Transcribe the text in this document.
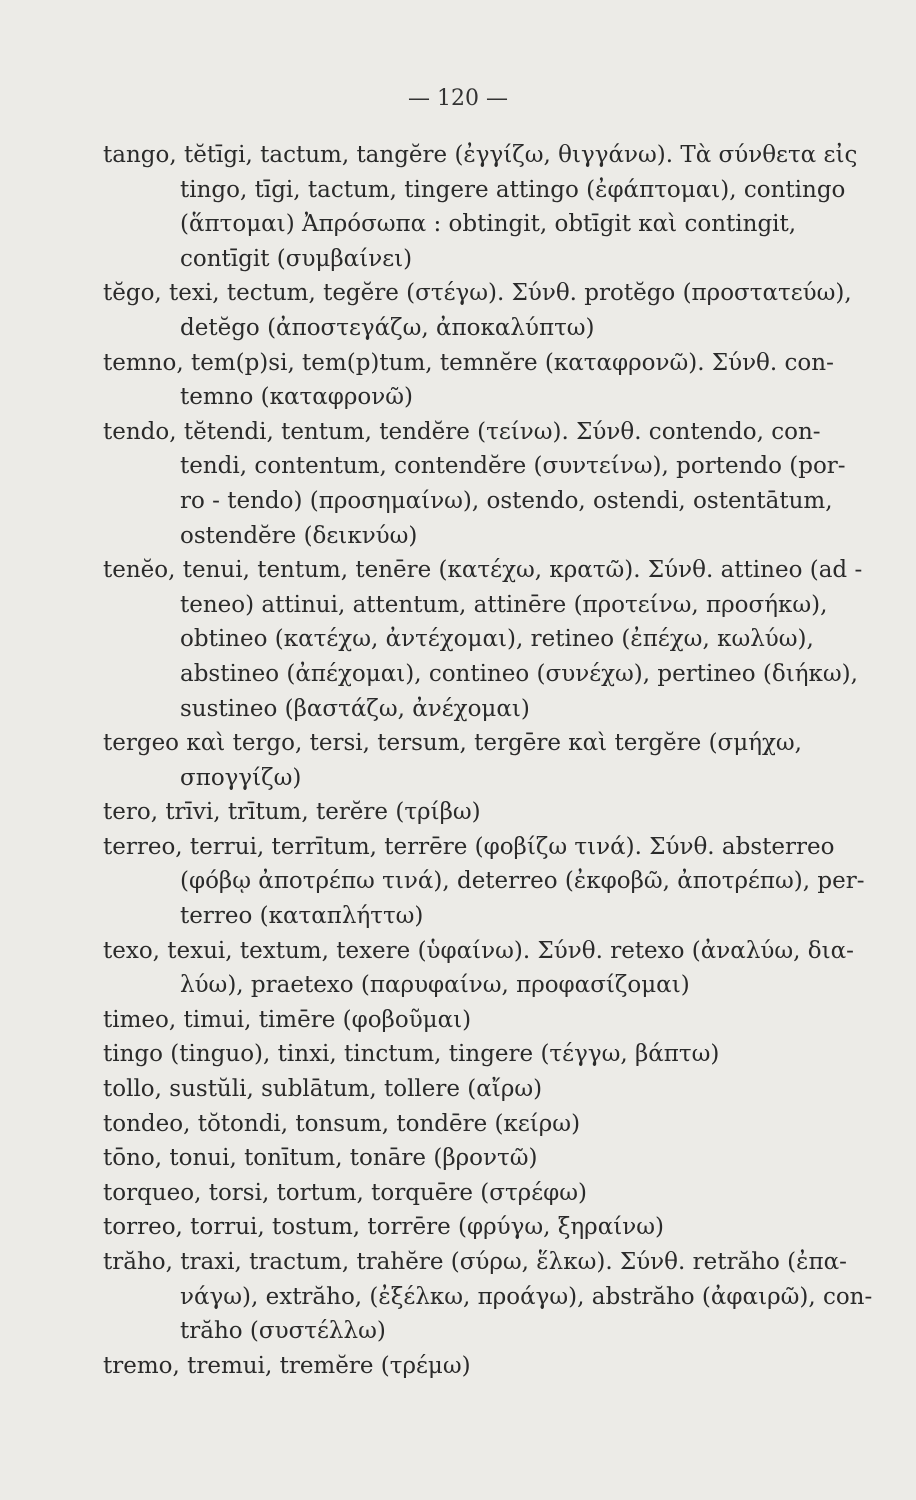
— 120 —
tango, tĕtīgi, tactum, tangĕre (ἐγγίζω, θιγγάνω). Τὰ σύνθετα εἰς
tingo, tīgi, tactum, tingere attingo (ἐφάπτομαι), contingo
(ἅπτομαι) Ἀπρόσωπα : obtingit, obtīgit καὶ contingit,
contīgit (συμβαίνει)
tĕgo, texi, tectum, tegĕre (στέγω). Σύνθ. protĕgo (προστατεύω),
detĕgo (ἀποστεγάζω, ἀποκαλύπτω)
temno, tem(p)si, tem(p)tum, temnĕre (καταφρονῶ). Σύνθ. con-
temno (καταφρονῶ)
tendo, tĕtendi, tentum, tendĕre (τείνω). Σύνθ. contendo, con-
tendi, contentum, contendĕre (συντείνω), portendo (por-
ro - tendo) (προσημαίνω), ostendo, ostendi, ostentātum,
ostendĕre (δεικνύω)
tenĕo, tenui, tentum, tenēre (κατέχω, κρατῶ). Σύνθ. attineo (ad -
teneo) attinui, attentum, attinēre (προτείνω, προσήκω),
obtineo (κατέχω, ἀντέχομαι), retineo (ἐπέχω, κωλύω),
abstineo (ἀπέχομαι), contineo (συνέχω), pertineo (διήκω),
sustineo (βαστάζω, ἀνέχομαι)
tergeo καὶ tergo, tersi, tersum, tergēre καὶ tergĕre (σμήχω,
σπογγίζω)
tero, trīvi, trītum, terĕre (τρίβω)
terreo, terrui, terrītum, terrēre (φοβίζω τινά). Σύνθ. absterreo
(φόβῳ ἀποτρέπω τινά), deterreo (ἐκφοβῶ, ἀποτρέπω), per-
terreo (καταπλήττω)
texo, texui, textum, texere (ὑφαίνω). Σύνθ. retexo (ἀναλύω, δια-
λύω), praetexo (παρυφαίνω, προφασίζομαι)
timeo, timui, timēre (φοβοῦμαι)
tingo (tinguo), tinxi, tinctum, tingere (τέγγω, βάπτω)
tollo, sustŭli, sublātum, tollere (αἴρω)
tondeo, tŏtondi, tonsum, tondēre (κείρω)
tōno, tonui, tonītum, tonāre (βροντῶ)
torqueo, torsi, tortum, torquēre (στρέφω)
torreo, torrui, tostum, torrēre (φρύγω, ξηραίνω)
trăho, traxi, tractum, trahĕre (σύρω, ἕλκω). Σύνθ. retrăho (ἐπα-
νάγω), extrăho, (ἐξέλκω, προάγω), abstrăho (ἀφαιρῶ), con-
trăho (συστέλλω)
tremo, tremui, tremĕre (τρέμω)
